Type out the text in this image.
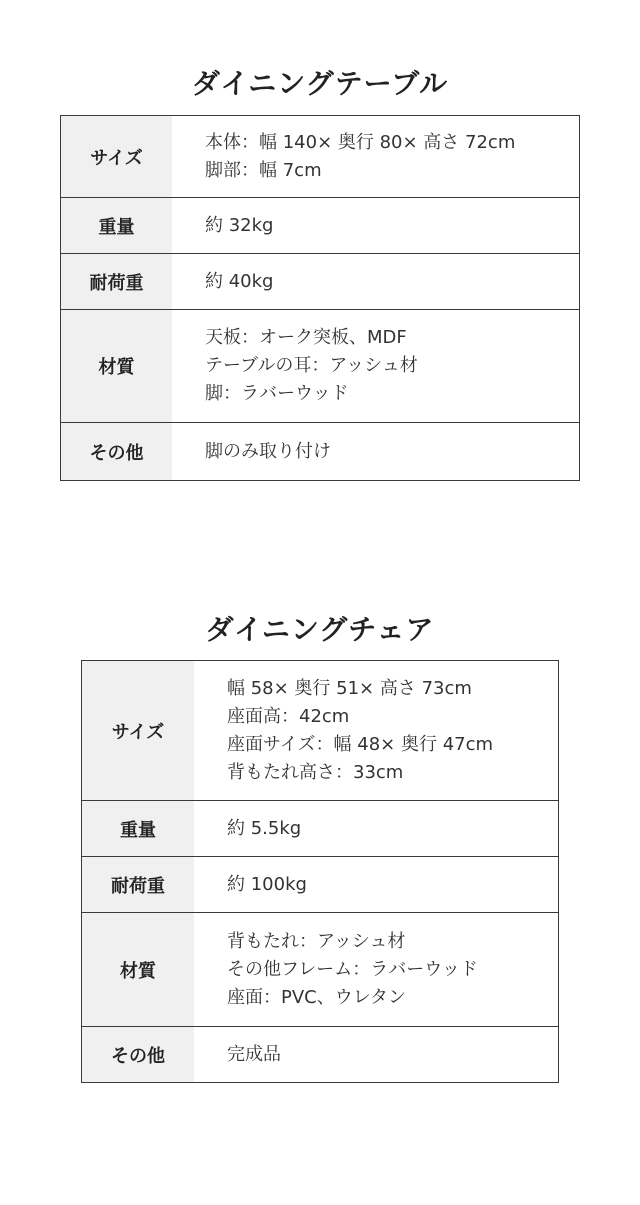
ダイニングテーブル
サイズ	本体：幅 140× 奥行 80× 高さ 72cm
脚部：幅 7cm

重量	約 32kg

耐荷重	約 40kg

材質	天板：オーク突板、MDF
テーブルの耳：アッシュ材
脚：ラバーウッド

その他	脚のみ取り付け
ダイニングチェア
サイズ	幅 58× 奥行 51× 高さ 73cm
座面高：42cm
座面サイズ：幅 48× 奥行 47cm
背もたれ高さ：33cm

重量	約 5.5kg

耐荷重	約 100kg

材質	背もたれ：アッシュ材
その他フレーム：ラバーウッド
座面：PVC、ウレタン

その他	完成品
